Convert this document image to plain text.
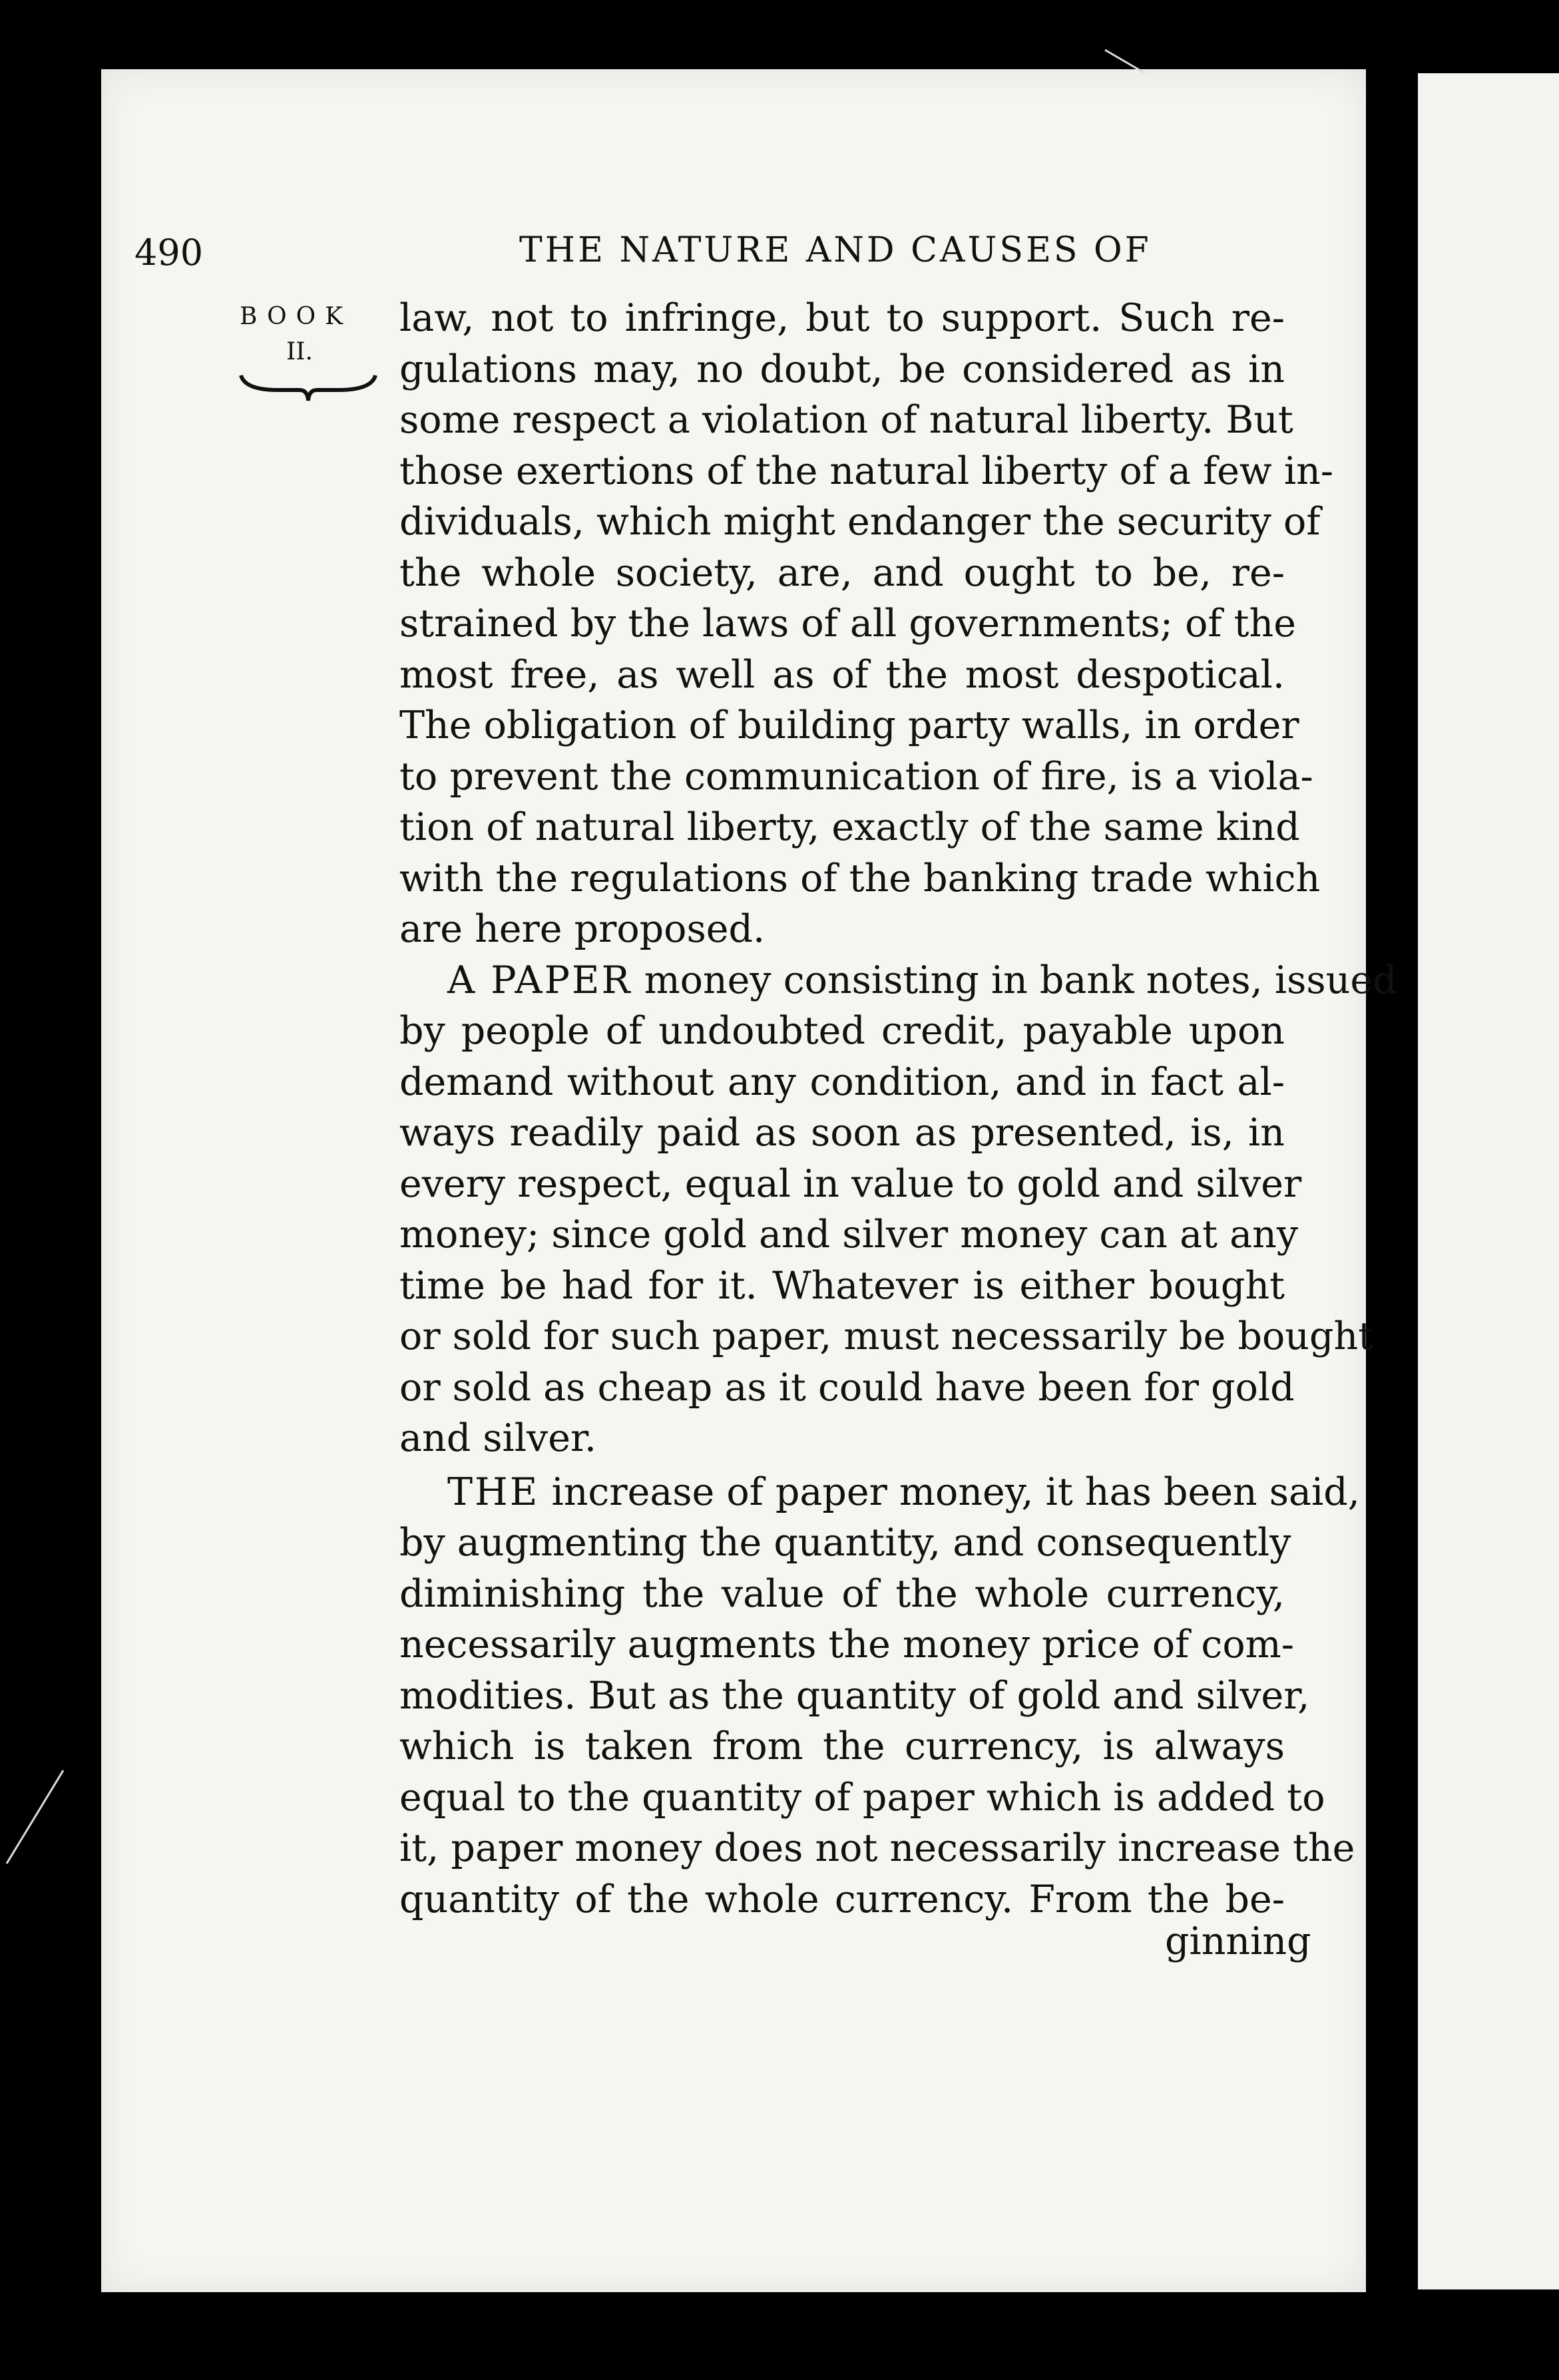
490	THE NATURE AND CAUSES OF
BOOK
II.
law, not to infringe, but to support. Such re-
gulations may, no doubt, be considered as in
some respect a violation of natural liberty. But
those exertions of the natural liberty of a few in-
dividuals, which might endanger the security of
the whole society, are, and ought to be, re-
strained by the laws of all governments; of the
most free, as well as of the most despotical.
The obligation of building party walls, in order
to prevent the communication of fire, is a viola-
tion of natural liberty, exactly of the same kind
with the regulations of the banking trade which
are here proposed.
A PAPER money consisting in bank notes, issued
by people of undoubted credit, payable upon
demand without any condition, and in fact al-
ways readily paid as soon as presented, is, in
every respect, equal in value to gold and silver
money; since gold and silver money can at any
time be had for it. Whatever is either bought
or sold for such paper, must necessarily be bought
or sold as cheap as it could have been for gold
and silver.
THE increase of paper money, it has been said,
by augmenting the quantity, and consequently
diminishing the value of the whole currency,
necessarily augments the money price of com-
modities. But as the quantity of gold and silver,
which is taken from the currency, is always
equal to the quantity of paper which is added to
it, paper money does not necessarily increase the
quantity of the whole currency. From the be-
ginning
